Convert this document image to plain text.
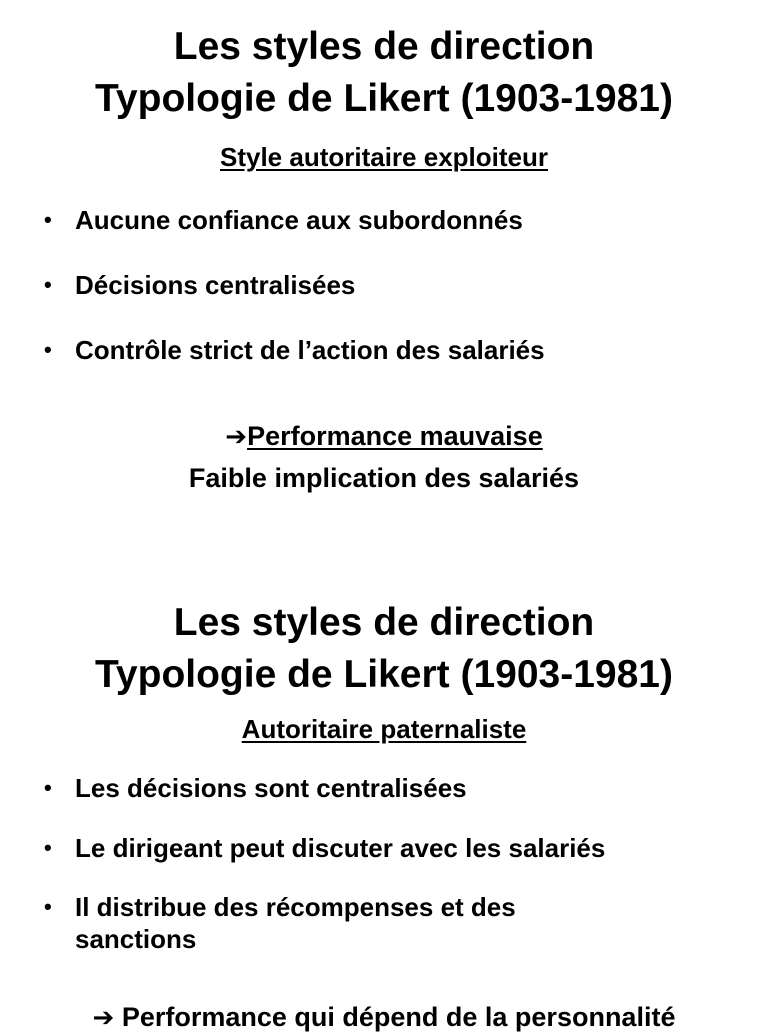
Les styles de direction
Typologie de Likert (1903-1981)
Style autoritaire exploiteur
• Aucune confiance aux subordonnés
• Décisions centralisées
• Contrôle strict de l’action des salariés
➔Performance mauvaise
Faible implication des salariés
Les styles de direction
Typologie de Likert (1903-1981)
Autoritaire paternaliste
• Les décisions sont centralisées
• Le dirigeant peut discuter avec les salariés
• Il distribue des récompenses et des sanctions
➔ Performance qui dépend de la personnalité
